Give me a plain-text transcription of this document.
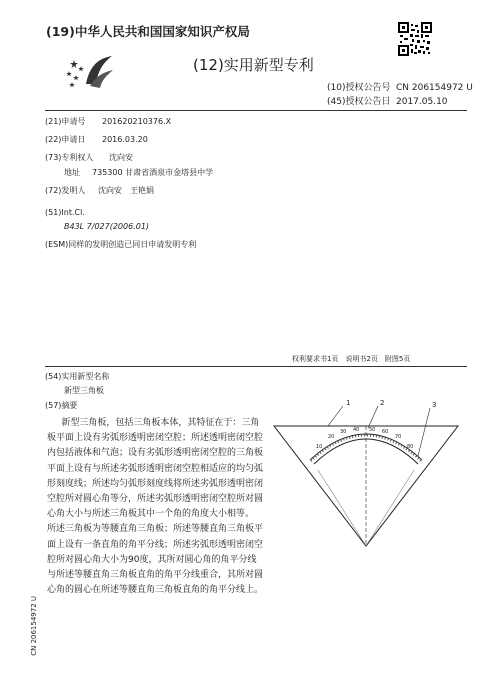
(19)中华人民共和国国家知识产权局
(12)实用新型专利
(10)授权公告号 CN 206154972 U
(45)授权公告日 2017.05.10
(21)申请号 201620210376.X
(22)申请日 2016.03.20
(73)专利权人 沈向安
地址 735300 甘肃省酒泉市金塔县中学
(72)发明人 沈向安　王艳娟
(51)Int.Cl.
B43L 7/027(2006.01)
(ESM)同样的发明创造已同日申请发明专利
权利要求书1页　说明书2页　附图5页
(54)实用新型名称
新型三角板
(57)摘要

新型三角板，包括三角板本体，其特征在于：三角板平面上设有劣弧形透明密闭空腔；所述透明密闭空腔内包括液体和气泡；设有劣弧形透明密闭空腔的三角板平面上设有与所述劣弧形透明密闭空腔相适应的均匀弧形刻度线；所述均匀弧形刻度线将所述劣弧形透明密闭空腔所对圆心角等分，所述劣弧形透明密闭空腔所对圆心角大小与所述三角板其中一个角的角度大小相等。

所述三角板为等腰直角三角板；所述等腰直角三角板平面上设有一条直角的角平分线；所述劣弧形透明密闭空腔所对圆心角大小为90度，其所对圆心角的角平分线与所述等腰直角三角板直角的角平分线重合，其所对圆心角的圆心在所述等腰直角三角板直角的角平分线上。

1	2	3
10
20
30 40 50 60
70
80
CN 206154972 U
